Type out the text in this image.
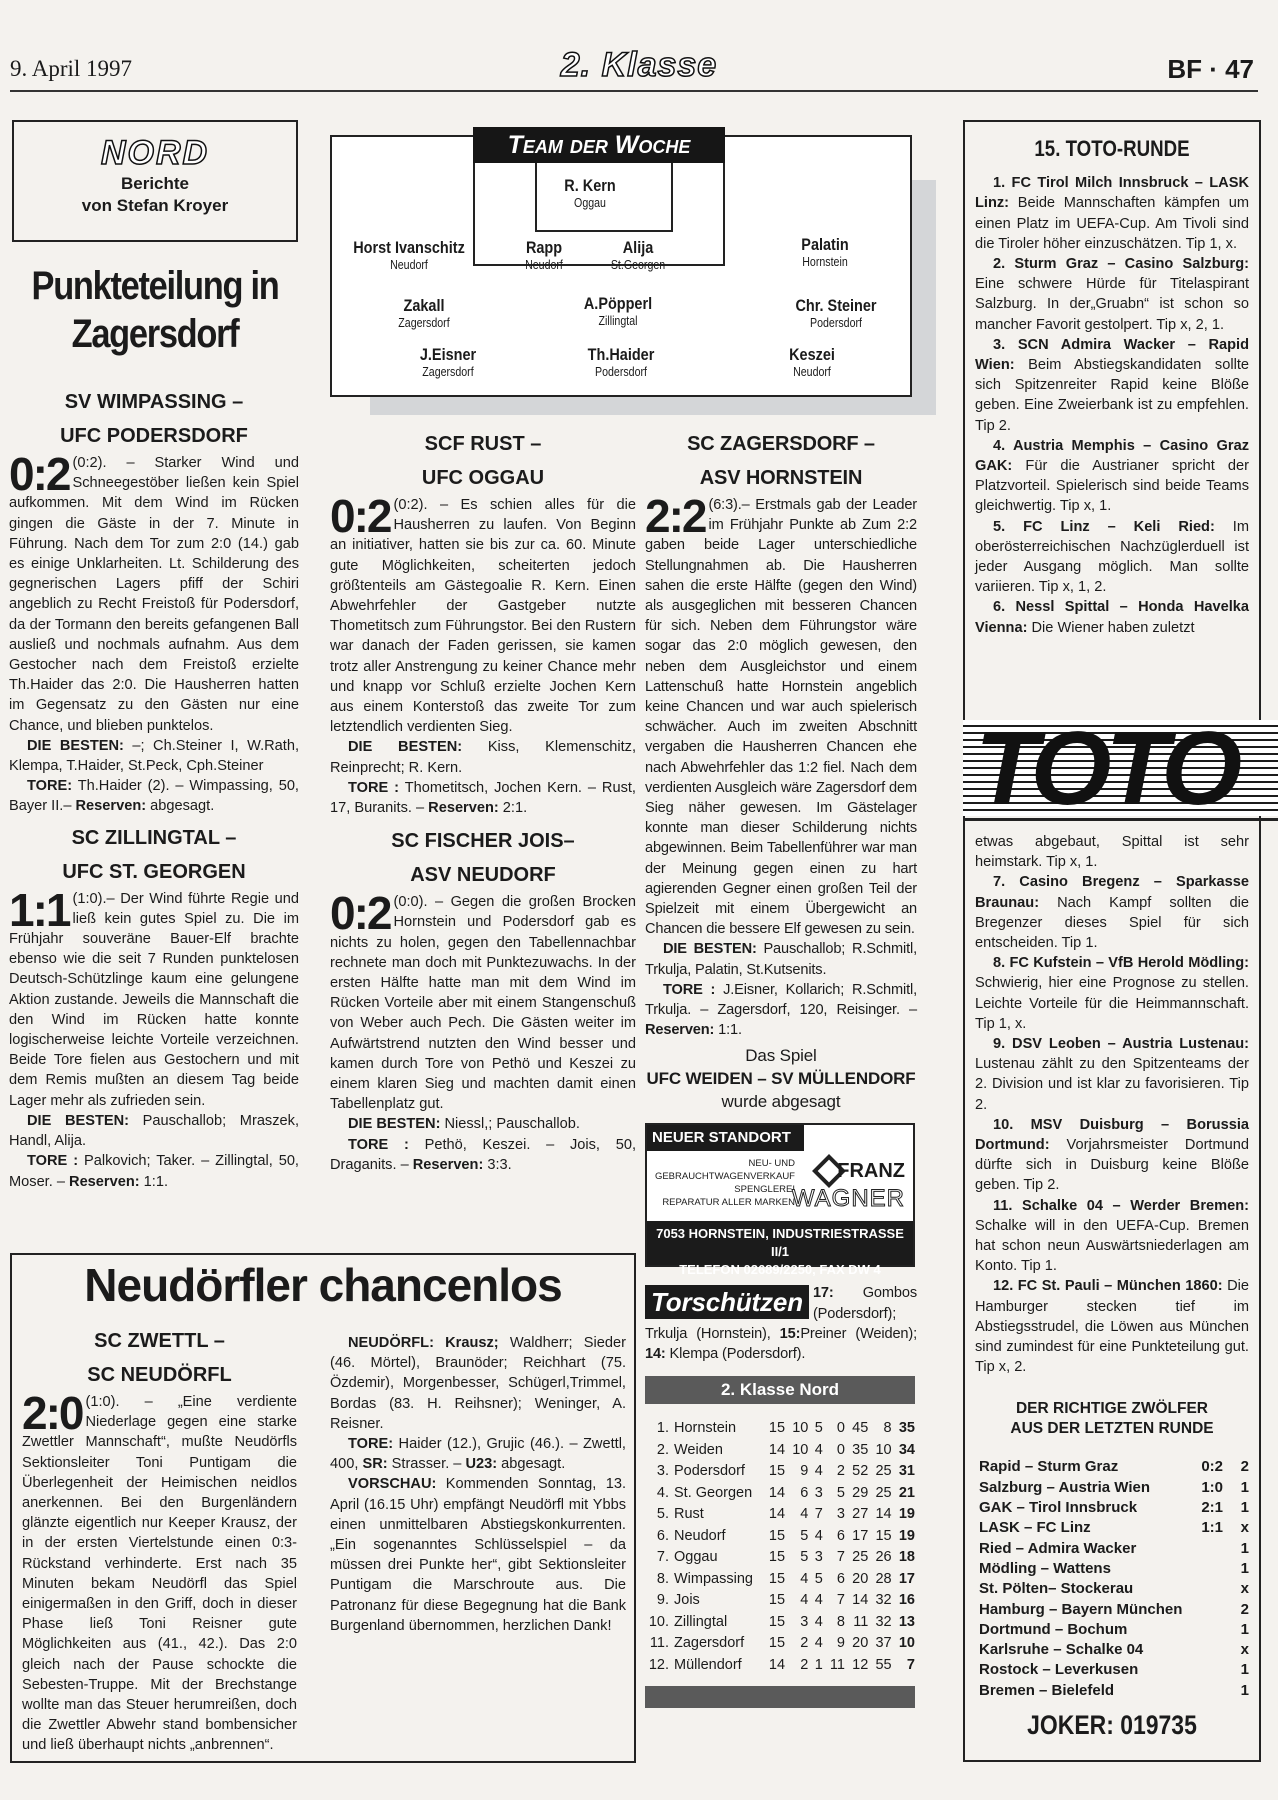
9. April 1997	2. Klasse	BF · 47
NORD
Berichte
von Stefan Kroyer
Punkteteilung in
Zagersdorf
SV WIMPASSING –
UFC PODERSDORF
0:2 (0:2). – Starker Wind und Schneegestöber ließen kein Spiel aufkommen. Mit dem Wind im Rücken gingen die Gäste in der 7. Minute in Führung. Nach dem Tor zum 2:0 (14.) gab es einige Unklarheiten. Lt. Schilderung des gegnerischen Lagers pfiff der Schiri angeblich zu Recht Freistoß für Podersdorf, da der Tormann den bereits gefangenen Ball ausließ und nochmals aufnahm. Aus dem Gestocher nach dem Freistoß erzielte Th.Haider das 2:0. Die Hausherren hatten im Gegensatz zu den Gästen nur eine Chance, und blieben punktelos.
DIE BESTEN: –; Ch.Steiner I, W.Rath, Klempa, T.Haider, St.Peck, Cph.Steiner
TORE: Th.Haider (2). – Wimpassing, 50, Bayer II.– Reserven: abgesagt.
SC ZILLINGTAL –
UFC ST. GEORGEN
1:1 (1:0).– Der Wind führte Regie und ließ kein gutes Spiel zu. Die im Frühjahr souveräne Bauer-Elf brachte ebenso wie die seit 7 Runden punktelosen Deutsch-Schützlinge kaum eine gelungene Aktion zustande. Jeweils die Mannschaft die den Wind im Rücken hatte konnte logischerweise leichte Vorteile verzeichnen. Beide Tore fielen aus Gestochern und mit dem Remis mußten an diesem Tag beide Lager mehr als zufrieden sein.
DIE BESTEN: Pauschallob; Mraszek, Handl, Alija.
TORE : Palkovich; Taker. – Zillingtal, 50, Moser. – Reserven: 1:1.
Team der Woche
R. Kern
Oggau
Horst Ivanschitz
Neudorf
Rapp
Neudorf
Alija
St.Georgen
Palatin
Hornstein
Zakall
Zagersdorf
A.Pöpperl
Zillingtal
Chr. Steiner
Podersdorf
J.Eisner
Zagersdorf
Th.Haider
Podersdorf
Keszei
Neudorf
SCF RUST –
UFC OGGAU
0:2 (0:2). – Es schien alles für die Hausherren zu laufen. Von Beginn an initiativer, hatten sie bis zur ca. 60. Minute gute Möglichkeiten, scheiterten jedoch größtenteils am Gästegoalie R. Kern. Einen Abwehrfehler der Gastgeber nutzte Thometitsch zum Führungstor. Bei den Rustern war danach der Faden gerissen, sie kamen trotz aller Anstrengung zu keiner Chance mehr und knapp vor Schluß erzielte Jochen Kern aus einem Konterstoß das zweite Tor zum letztendlich verdienten Sieg.
DIE BESTEN: Kiss, Klemenschitz, Reinprecht; R. Kern.
TORE : Thometitsch, Jochen Kern. – Rust, 17, Buranits. – Reserven: 2:1.
SC FISCHER JOIS–
ASV NEUDORF
0:2 (0:0). – Gegen die großen Brocken Hornstein und Podersdorf gab es nichts zu holen, gegen den Tabellennachbar rechnete man doch mit Punktezuwachs. In der ersten Hälfte hatte man mit dem Wind im Rücken Vorteile aber mit einem Stangenschuß von Weber auch Pech. Die Gästen weiter im Aufwärtstrend nutzten den Wind besser und kamen durch Tore von Pethö und Keszei zu einem klaren Sieg und machten damit einen Tabellenplatz gut.
DIE BESTEN: Niessl,; Pauschallob.
TORE : Pethö, Keszei. – Jois, 50, Draganits. – Reserven: 3:3.
SC ZAGERSDORF –
ASV HORNSTEIN
2:2 (6:3).– Erstmals gab der Leader im Frühjahr Punkte ab Zum 2:2 gaben beide Lager unterschiedliche Stellungnahmen ab. Die Hausherren sahen die erste Hälfte (gegen den Wind) als ausgeglichen mit besseren Chancen für sich. Neben dem Führungstor wäre sogar das 2:0 möglich gewesen, den neben dem Ausgleichstor und einem Lattenschuß hatte Hornstein angeblich keine Chancen und war auch spielerisch schwächer. Auch im zweiten Abschnitt vergaben die Hausherren Chancen ehe nach Abwehrfehler das 1:2 fiel. Nach dem verdienten Ausgleich wäre Zagersdorf dem Sieg näher gewesen. Im Gästelager konnte man dieser Schilderung nichts abgewinnen. Beim Tabellenführer war man der Meinung gegen einen zu hart agierenden Gegner einen großen Teil der Spielzeit mit einem Übergewicht an Chancen die bessere Elf gewesen zu sein.
DIE BESTEN: Pauschallob; R.Schmitl, Trkulja, Palatin, St.Kutsenits.
TORE : J.Eisner, Kollarich; R.Schmitl, Trkulja. – Zagersdorf, 120, Reisinger. – Reserven: 1:1.
Das Spiel
UFC WEIDEN – SV MÜLLENDORF
wurde abgesagt
NEUER STANDORT
NEU- UND
GEBRAUCHTWAGENVERKAUF
SPENGLEREI
REPARATUR ALLER MARKEN
FRANZ
WAGNER
7053 HORNSTEIN, INDUSTRIESTRASSE II/1
TELEFON 02689/2250, FAX DW 4
Torschützen 17: Gombos (Podersdorf); Trkulja (Hornstein), 15:Preiner (Weiden); 14: Klempa (Podersdorf).
2. Klasse Nord
1.	Hornstein	15	10	5	0	45	8	35
2.	Weiden	14	10	4	0	35	10	34
3.	Podersdorf	15	9	4	2	52	25	31
4.	St. Georgen	14	6	3	5	29	25	21
5.	Rust	14	4	7	3	27	14	19
6.	Neudorf	15	5	4	6	17	15	19
7.	Oggau	15	5	3	7	25	26	18
8.	Wimpassing	15	4	5	6	20	28	17
9.	Jois	15	4	4	7	14	32	16
10.	Zillingtal	15	3	4	8	11	32	13
11.	Zagersdorf	15	2	4	9	20	37	10
12.	Müllendorf	14	2	1	11	12	55	7
15. TOTO-RUNDE
1. FC Tirol Milch Innsbruck – LASK Linz: Beide Mannschaften kämpfen um einen Platz im UEFA-Cup. Am Tivoli sind die Tiroler höher einzuschätzen. Tip 1, x.
2. Sturm Graz – Casino Salzburg: Eine schwere Hürde für Titelaspirant Salzburg. In der„Gruabn“ ist schon so mancher Favorit gestolpert. Tip x, 2, 1.
3. SCN Admira Wacker – Rapid Wien: Beim Abstiegskandidaten sollte sich Spitzenreiter Rapid keine Blöße geben. Eine Zweierbank ist zu empfehlen. Tip 2.
4. Austria Memphis – Casino Graz GAK: Für die Austrianer spricht der Platzvorteil. Spielerisch sind beide Teams gleichwertig. Tip x, 1.
5. FC Linz – Keli Ried: Im oberösterreichischen Nachzüglerduell ist jeder Ausgang möglich. Man sollte variieren. Tip x, 1, 2.
6. Nessl Spittal – Honda Havelka Vienna: Die Wiener haben zuletzt
TOTO
etwas abgebaut, Spittal ist sehr heimstark. Tip x, 1.
7. Casino Bregenz – Sparkasse Braunau: Nach Kampf sollten die Bregenzer dieses Spiel für sich entscheiden. Tip 1.
8. FC Kufstein – VfB Herold Mödling: Schwierig, hier eine Prognose zu stellen. Leichte Vorteile für die Heimmannschaft. Tip 1, x.
9. DSV Leoben – Austria Lustenau: Lustenau zählt zu den Spitzenteams der 2. Division und ist klar zu favorisieren. Tip 2.
10. MSV Duisburg – Borussia Dortmund: Vorjahrsmeister Dortmund dürfte sich in Duisburg keine Blöße geben. Tip 2.
11. Schalke 04 – Werder Bremen: Schalke will in den UEFA-Cup. Bremen hat schon neun Auswärtsniederlagen am Konto. Tip 1.
12. FC St. Pauli – München 1860: Die Hamburger stecken tief im Abstiegsstrudel, die Löwen aus München sind zumindest für eine Punkteteilung gut. Tip x, 2.
DER RICHTIGE ZWÖLFER
AUS DER LETZTEN RUNDE
Rapid – Sturm Graz	0:2	2
Salzburg – Austria Wien	1:0	1
GAK – Tirol Innsbruck	2:1	1
LASK – FC Linz	1:1	x
Ried – Admira Wacker		1
Mödling – Wattens		1
St. Pölten– Stockerau		x
Hamburg – Bayern München		2
Dortmund – Bochum		1
Karlsruhe – Schalke 04		x
Rostock – Leverkusen		1
Bremen – Bielefeld		1
JOKER: 019735
Neudörfler chancenlos
SC ZWETTL –
SC NEUDÖRFL
2:0 (1:0). – „Eine verdiente Niederlage gegen eine starke Zwettler Mannschaft“, mußte Neudörfls Sektionsleiter Toni Puntigam die Überlegenheit der Heimischen neidlos anerkennen. Bei den Burgenländern glänzte eigentlich nur Keeper Krausz, der in der ersten Viertelstunde einen 0:3-Rückstand verhinderte. Erst nach 35 Minuten bekam Neudörfl das Spiel einigermaßen in den Griff, doch in dieser Phase ließ Toni Reisner gute Möglichkeiten aus (41., 42.). Das 2:0 gleich nach der Pause schockte die Sebesten-Truppe. Mit der Brechstange wollte man das Steuer herumreißen, doch die Zwettler Abwehr stand bombensicher und ließ überhaupt nichts „anbrennen“.
NEUDÖRFL: Krausz; Waldherr; Sieder (46. Mörtel), Braunöder; Reichhart (75. Özdemir), Morgenbesser, Schügerl,Trimmel, Bordas (83. H. Reihsner); Weninger, A. Reisner.
TORE: Haider (12.), Grujic (46.). – Zwettl, 400, SR: Strasser. – U23: abgesagt.
VORSCHAU: Kommenden Sonntag, 13. April (16.15 Uhr) empfängt Neudörfl mit Ybbs einen unmittelbaren Abstiegskonkurrenten. „Ein sogenanntes Schlüsselspiel – da müssen drei Punkte her“, gibt Sektionsleiter Puntigam die Marschroute aus. Die Patronanz für diese Begegnung hat die Bank Burgenland übernommen, herzlichen Dank!
